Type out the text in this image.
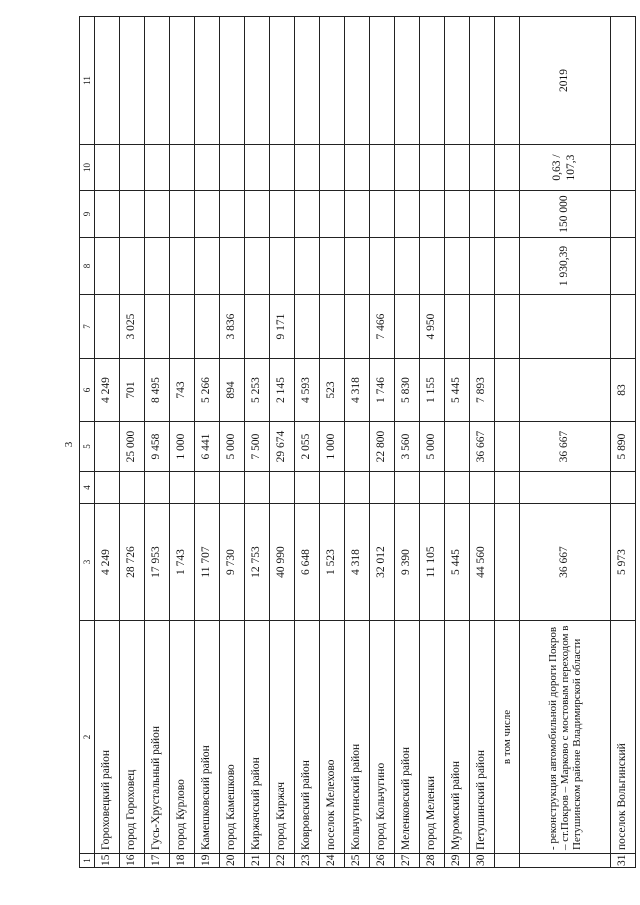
3
1	2	3	4	5	6	7	8	9	10	11
15	Гороховецкий район	4 249			4 249					
16	город Гороховец	28 726		25 000	701	3 025				
17	Гусь-Хрустальный район	17 953		9 458	8 495					
18	город Курлово	1 743		1 000	743					
19	Камешковский район	11 707		6 441	5 266					
20	город Камешково	9 730		5 000	894	3 836				
21	Киржачский район	12 753		7 500	5 253					
22	город Киржач	40 990		29 674	2 145	9 171				
23	Ковровский район	6 648		2 055	4 593					
24	поселок Мелехово	1 523		1 000	523					
25	Кольчугинский район	4 318			4 318					
26	город Кольчугино	32 012		22 800	1 746	7 466				
27	Меленковский район	9 390		3 560	5 830					
28	город Меленки	11 105		5 000	1 155	4 950				
29	Муромский район	5 445			5 445					
30	Петушинский район	44 560		36 667	7 893					

	в том числе									

	- реконструкция автомобильной дороги Покров – ст.Покров – Марково с мостовым переходом в Петушинском районе Владимирской области	36 667		36 667			1 930,39	150 000	0,63 / 107,3	2019
31	поселок Вольгинский	5 973		5 890	83					
